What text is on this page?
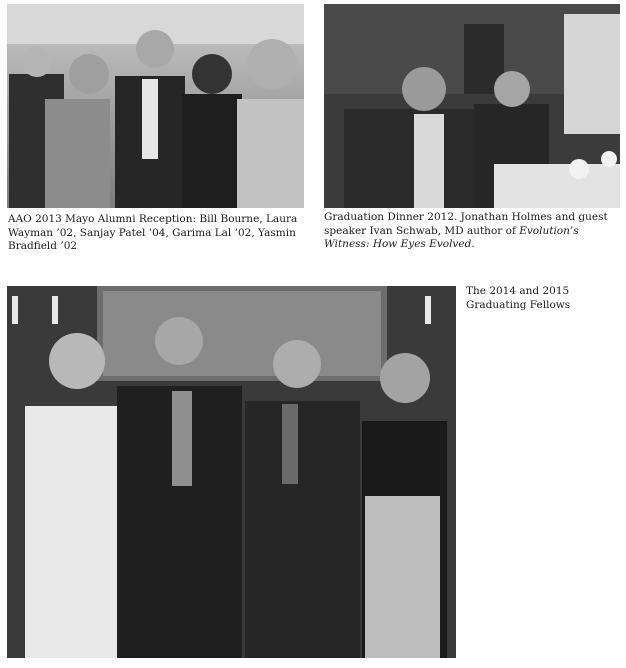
AAO 2013 Mayo Alumni Reception: Bill Bourne, Laura Wayman ’02, Sanjay Patel ’04, Garima Lal ’02, Yasmin Bradfield ’02
Graduation Dinner 2012. Jonathan Holmes and guest speaker Ivan Schwab, MD author of Evolution’s Witness: How Eyes Evolved.
The 2014 and 2015 Graduating Fellows
